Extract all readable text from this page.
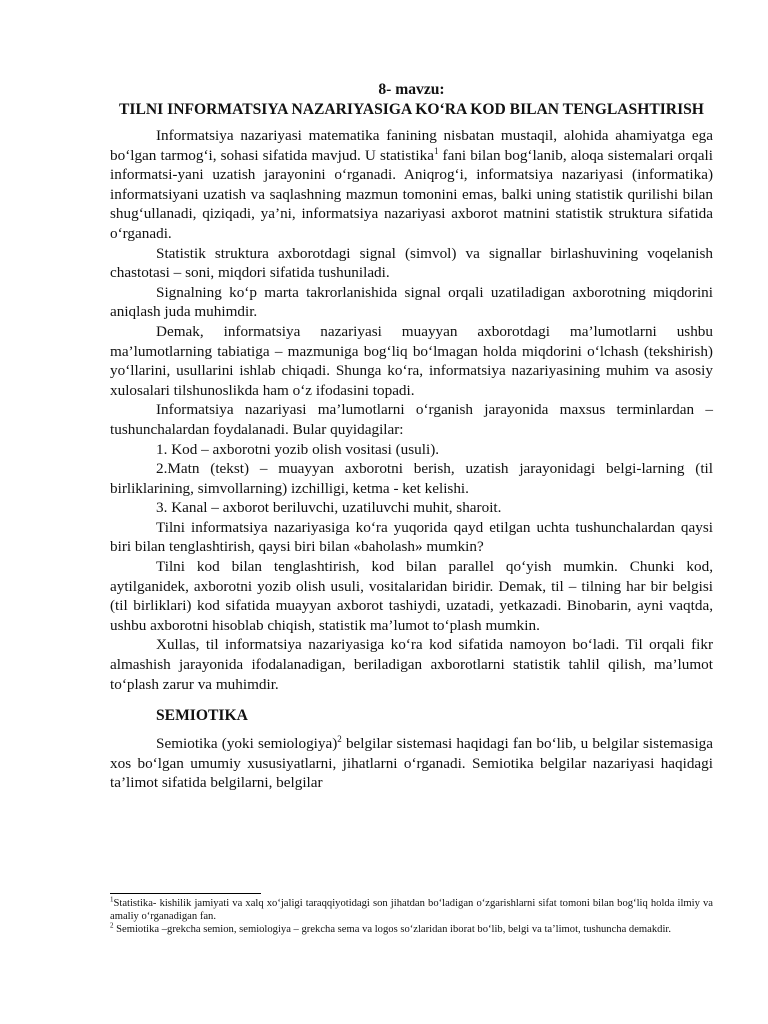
8- mavzu:

TILNI INFORMATSIYA NAZARIYASIGA KO‘RA KOD BILAN TENGLASHTIRISH

Informatsiya nazariyasi matematika fanining nisbatan mustaqil, alohida ahamiyatga ega bo‘lgan tarmog‘i, sohasi sifatida mavjud. U statistika$^1$ fani bilan bog‘lanib, aloqa sistemalari orqali informatsi-yani uzatish jarayonini o‘rganadi. Aniqrog‘i, informatsiya nazariyasi (informatika) informatsiyani uzatish va saqlashning mazmun tomonini emas, balki uning statistik qurilishi bilan shug‘ullanadi, qiziqadi, ya’ni, informatsiya nazariyasi axborot matnini statistik struktura sifatida o‘rganadi.

Statistik struktura axborotdagi signal (simvol) va signallar birlashuvining voqelanish chastotasi – soni, miqdori sifatida tushuniladi.

Signalning ko‘p marta takrorlanishida signal orqali uzatiladigan axborotning miqdorini aniqlash juda muhimdir.

Demak, informatsiya nazariyasi muayyan axborotdagi ma’lumotlarni ushbu ma’lumotlarning tabiatiga – mazmuniga bog‘liq bo‘lmagan holda miqdorini o‘lchash (tekshirish) yo‘llarini, usullarini ishlab chiqadi. Shunga ko‘ra, informatsiya nazariyasining muhim va asosiy xulosalari tilshunoslikda ham o‘z ifodasini topadi.

Informatsiya nazariyasi ma’lumotlarni o‘rganish jarayonida maxsus terminlardan – tushunchalardan foydalanadi. Bular quyidagilar:

1. Kod – axborotni yozib olish vositasi (usuli).

2.Matn (tekst) – muayyan axborotni berish, uzatish jarayonidagi belgi-larning (til birliklarining, simvollarning) izchilligi, ketma - ket kelishi.

3. Kanal – axborot beriluvchi, uzatiluvchi muhit, sharoit.

Tilni informatsiya nazariyasiga ko‘ra yuqorida qayd etilgan uchta tushunchalardan qaysi biri bilan tenglashtirish, qaysi biri bilan «baholash» mumkin?

Tilni kod bilan tenglashtirish, kod bilan parallel qo‘yish mumkin. Chunki kod, aytilganidek, axborotni yozib olish usuli, vositalaridan biridir. Demak, til – tilning har bir belgisi (til birliklari) kod sifatida muayyan axborot tashiydi, uzatadi, yetkazadi. Binobarin, ayni vaqtda, ushbu axborotni hisoblab chiqish, statistik ma’lumot to‘plash mumkin.

Xullas, til informatsiya nazariyasiga ko‘ra kod sifatida namoyon bo‘ladi. Til orqali fikr almashish jarayonida ifodalanadigan, beriladigan axborotlarni statistik tahlil qilish, ma’lumot to‘plash zarur va muhimdir.

SEMIOTIKA

Semiotika (yoki semiologiya)$^2$ belgilar sistemasi haqidagi fan bo‘lib, u belgilar sistemasiga xos bo‘lgan umumiy xususiyatlarni, jihatlarni o‘rganadi. Semiotika belgilar nazariyasi haqidagi ta’limot sifatida belgilarni, belgilar

$^1$Statistika- kishilik jamiyati va xalq xo‘jaligi taraqqiyotidagi son jihatdan bo‘ladigan o‘zgarishlarni sifat tomoni bilan bog‘liq holda ilmiy va amaliy o‘rganadigan fan.

$^2$ Semiotika –grekcha semion, semiologiya – grekcha sema va logos so‘zlaridan iborat bo‘lib, belgi va ta’limot, tushuncha demakdir.
